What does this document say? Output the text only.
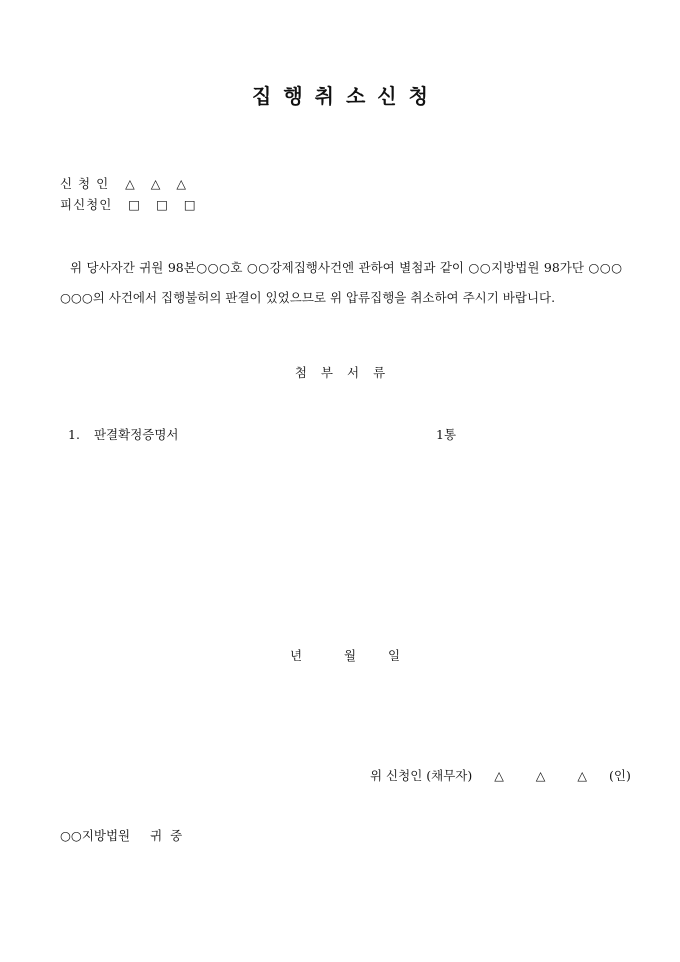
집행취소신청
신 청 인 △ △ △
피신청인 □ □ □
위 당사자간 귀원 98본○○○호 ○○강제집행사건엔 관하여 별첨과 같이 ○○지방법원 98가단 ○○○ ○○○의 사건에서 집행불허의 판결이 있었으므로 위 압류집행을 취소하여 주시기 바랍니다.
첨부서류
1. 판결확정증명서	1통
년	월	일
위 신청인 (채무자) △ △ △ (인)
○○지방법원 귀중
